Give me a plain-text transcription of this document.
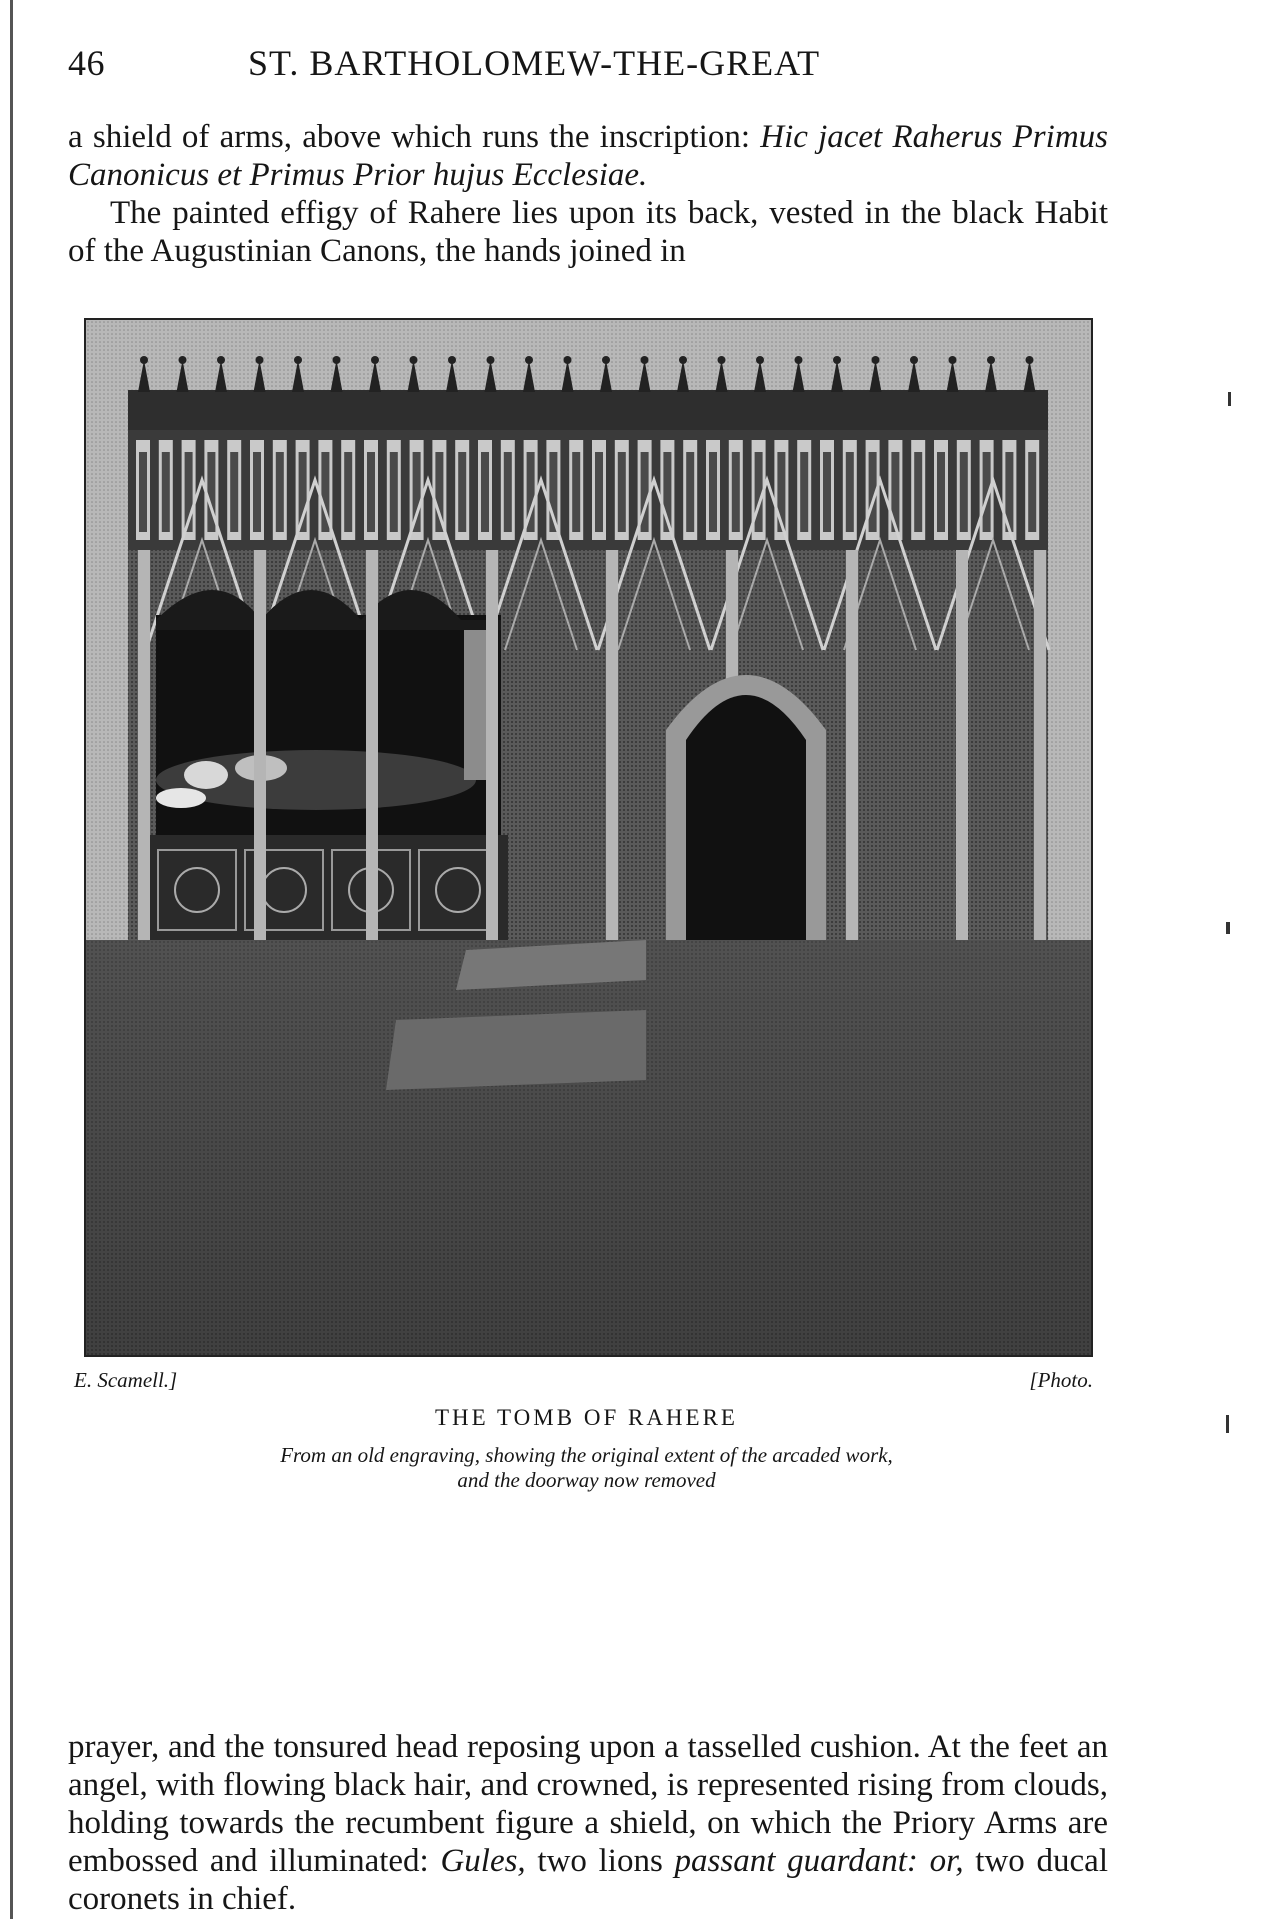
46	ST. BARTHOLOMEW-THE-GREAT

a shield of arms, above which runs the inscription: Hic jacet Raherus Primus Canonicus et Primus Prior hujus Ecclesiae.

The painted effigy of Rahere lies upon its back, vested in the black Habit of the Augustinian Canons, the hands joined in

E. Scamell.]	[Photo.
THE TOMB OF RAHERE
From an old engraving, showing the original extent of the arcaded work,
and the doorway now removed

prayer, and the tonsured head reposing upon a tasselled cushion. At the feet an angel, with flowing black hair, and crowned, is represented rising from clouds, holding towards the recumbent figure a shield, on which the Priory Arms are embossed and illuminated: Gules, two lions passant guardant: or, two ducal coronets in chief.
